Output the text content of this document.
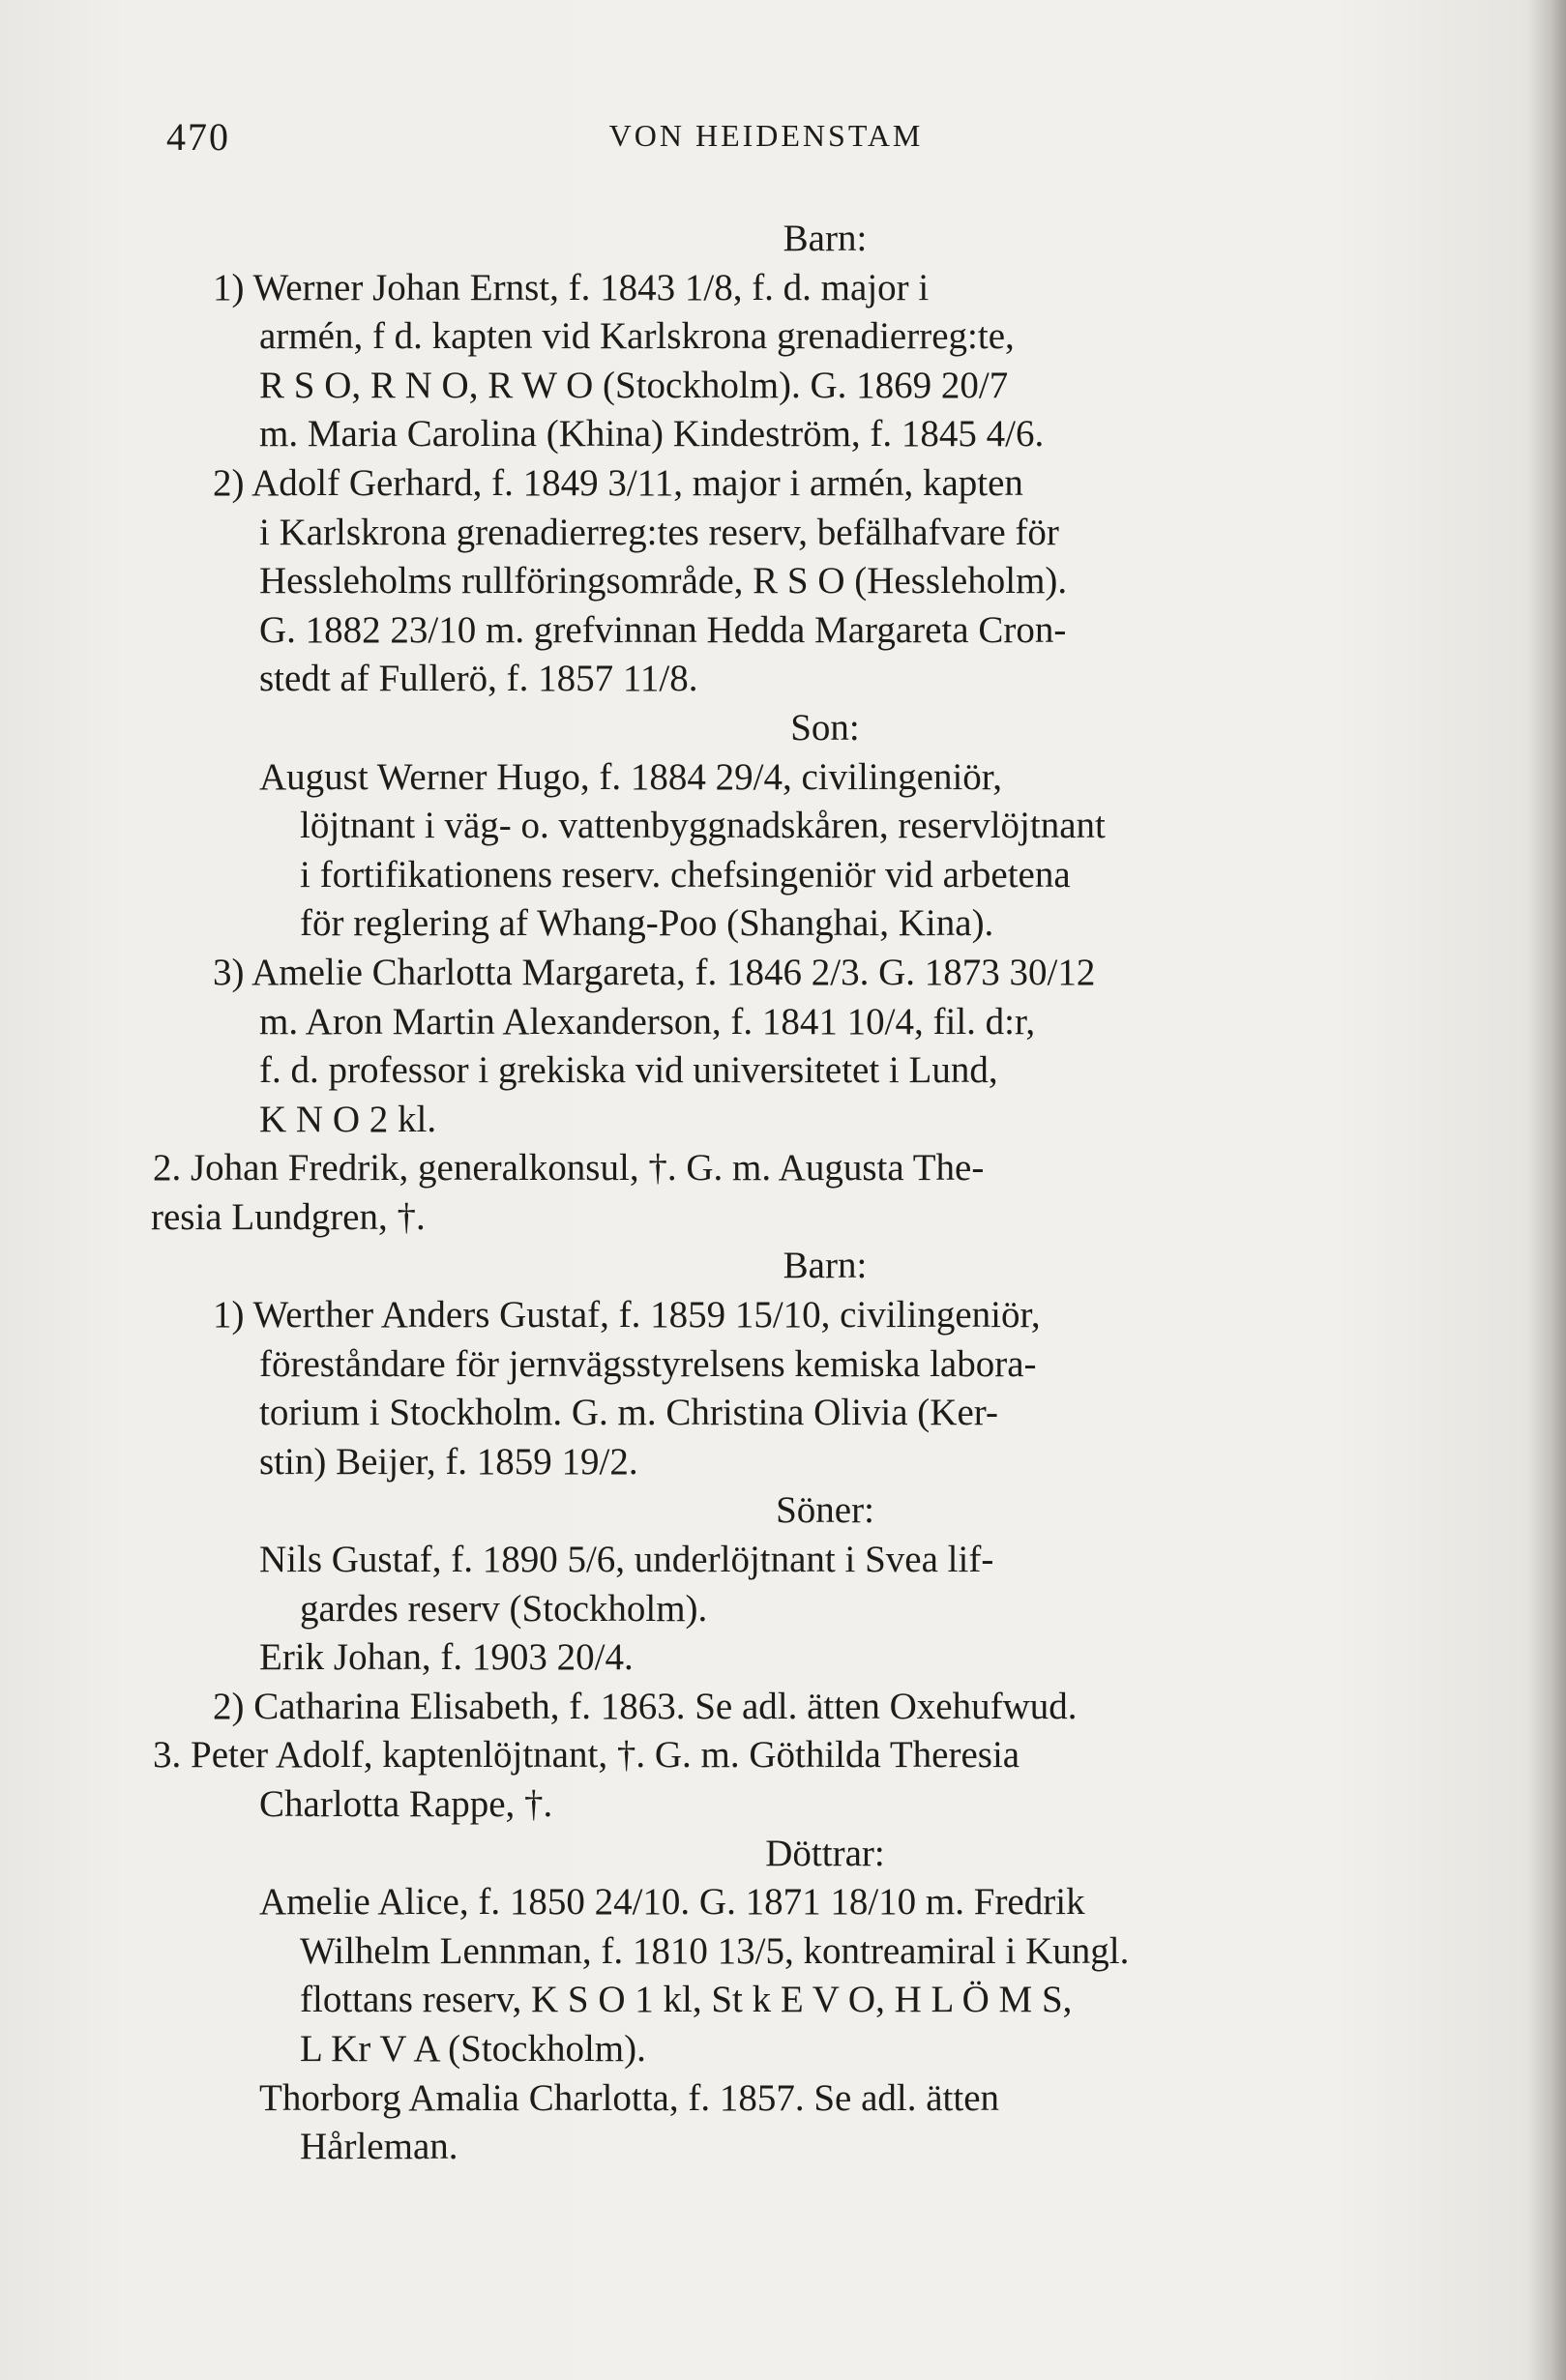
470	VON HEIDENSTAM
Barn:
1) Werner Johan Ernst, f. 1843 1/8, f. d. major i
armén, f d. kapten vid Karlskrona grenadierreg:te,
R S O, R N O, R W O (Stockholm). G. 1869 20/7
m. Maria Carolina (Khina) Kindeström, f. 1845 4/6.
2) Adolf Gerhard, f. 1849 3/11, major i armén, kapten
i Karlskrona grenadierreg:tes reserv, befälhafvare för
Hessleholms rullföringsområde, R S O (Hessleholm).
G. 1882 23/10 m. grefvinnan Hedda Margareta Cron-
stedt af Fullerö, f. 1857 11/8.
Son:
August Werner Hugo, f. 1884 29/4, civilingeniör,
löjtnant i väg- o. vattenbyggnadskåren, reservlöjtnant
i fortifikationens reserv. chefsingeniör vid arbetena
för reglering af Whang-Poo (Shanghai, Kina).
3) Amelie Charlotta Margareta, f. 1846 2/3. G. 1873 30/12
m. Aron Martin Alexanderson, f. 1841 10/4, fil. d:r,
f. d. professor i grekiska vid universitetet i Lund,
K N O 2 kl.
2. Johan Fredrik, generalkonsul, †. G. m. Augusta The-
resia Lundgren, †.
Barn:
1) Werther Anders Gustaf, f. 1859 15/10, civilingeniör,
föreståndare för jernvägsstyrelsens kemiska labora-
torium i Stockholm. G. m. Christina Olivia (Ker-
stin) Beijer, f. 1859 19/2.
Söner:
Nils Gustaf, f. 1890 5/6, underlöjtnant i Svea lif-
gardes reserv (Stockholm).
Erik Johan, f. 1903 20/4.
2) Catharina Elisabeth, f. 1863. Se adl. ätten Oxehufwud.
3. Peter Adolf, kaptenlöjtnant, †. G. m. Göthilda Theresia
Charlotta Rappe, †.
Döttrar:
Amelie Alice, f. 1850 24/10. G. 1871 18/10 m. Fredrik
Wilhelm Lennman, f. 1810 13/5, kontreamiral i Kungl.
flottans reserv, K S O 1 kl, St k E V O, H L Ö M S,
L Kr V A (Stockholm).
Thorborg Amalia Charlotta, f. 1857. Se adl. ätten
Hårleman.
